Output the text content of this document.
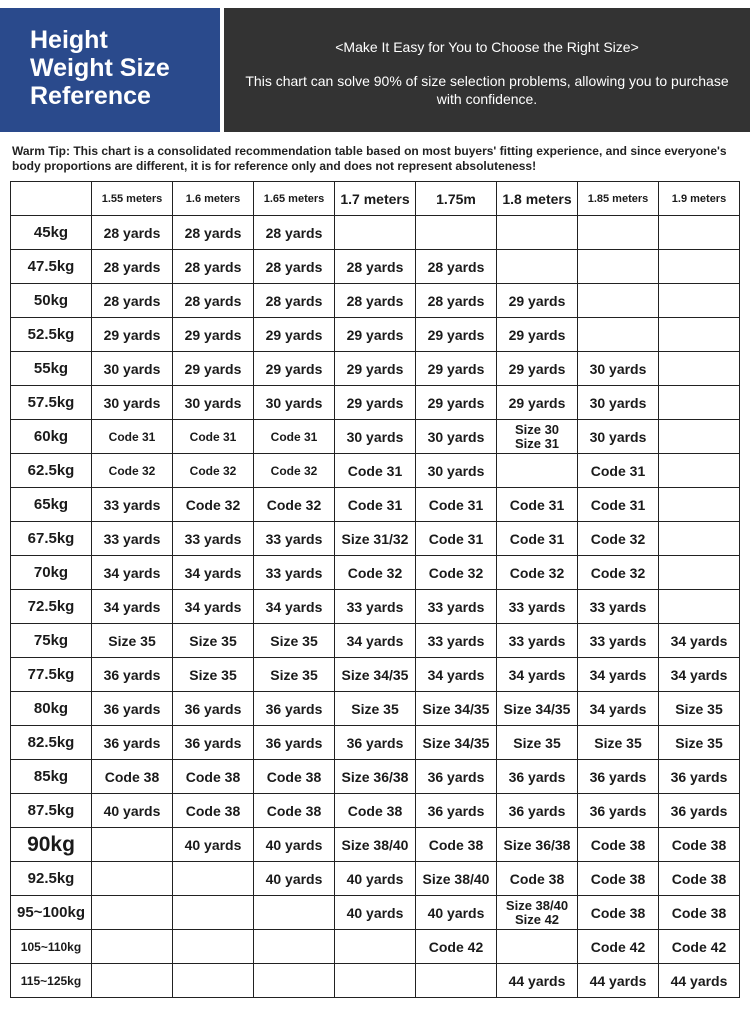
Height
Weight Size
Reference
<Make It Easy for You to Choose the Right Size>
This chart can solve 90% of size selection problems, allowing you to purchase with confidence.
Warm Tip: This chart is a consolidated recommendation table based on most buyers' fitting experience, and since everyone's body proportions are different, it is for reference only and does not represent absoluteness!
	1.55 meters	1.6 meters	1.65 meters	1.7 meters	1.75m	1.8 meters	1.85 meters	1.9 meters
45kg	28 yards	28 yards	28 yards					
47.5kg	28 yards	28 yards	28 yards	28 yards	28 yards			
50kg	28 yards	28 yards	28 yards	28 yards	28 yards	29 yards		
52.5kg	29 yards	29 yards	29 yards	29 yards	29 yards	29 yards		
55kg	30 yards	29 yards	29 yards	29 yards	29 yards	29 yards	30 yards	
57.5kg	30 yards	30 yards	30 yards	29 yards	29 yards	29 yards	30 yards	
60kg	Code 31	Code 31	Code 31	30 yards	30 yards	Size 30
Size 31	30 yards	
62.5kg	Code 32	Code 32	Code 32	Code 31	30 yards		Code 31	
65kg	33 yards	Code 32	Code 32	Code 31	Code 31	Code 31	Code 31	
67.5kg	33 yards	33 yards	33 yards	Size 31/32	Code 31	Code 31	Code 32	
70kg	34 yards	34 yards	33 yards	Code 32	Code 32	Code 32	Code 32	
72.5kg	34 yards	34 yards	34 yards	33 yards	33 yards	33 yards	33 yards	
75kg	Size 35	Size 35	Size 35	34 yards	33 yards	33 yards	33 yards	34 yards
77.5kg	36 yards	Size 35	Size 35	Size 34/35	34 yards	34 yards	34 yards	34 yards
80kg	36 yards	36 yards	36 yards	Size 35	Size 34/35	Size 34/35	34 yards	Size 35
82.5kg	36 yards	36 yards	36 yards	36 yards	Size 34/35	Size 35	Size 35	Size 35
85kg	Code 38	Code 38	Code 38	Size 36/38	36 yards	36 yards	36 yards	36 yards
87.5kg	40 yards	Code 38	Code 38	Code 38	36 yards	36 yards	36 yards	36 yards
90kg		40 yards	40 yards	Size 38/40	Code 38	Size 36/38	Code 38	Code 38
92.5kg			40 yards	40 yards	Size 38/40	Code 38	Code 38	Code 38
95~100kg				40 yards	40 yards	Size 38/40
Size 42	Code 38	Code 38
105~110kg					Code 42		Code 42	Code 42
115~125kg						44 yards	44 yards	44 yards
